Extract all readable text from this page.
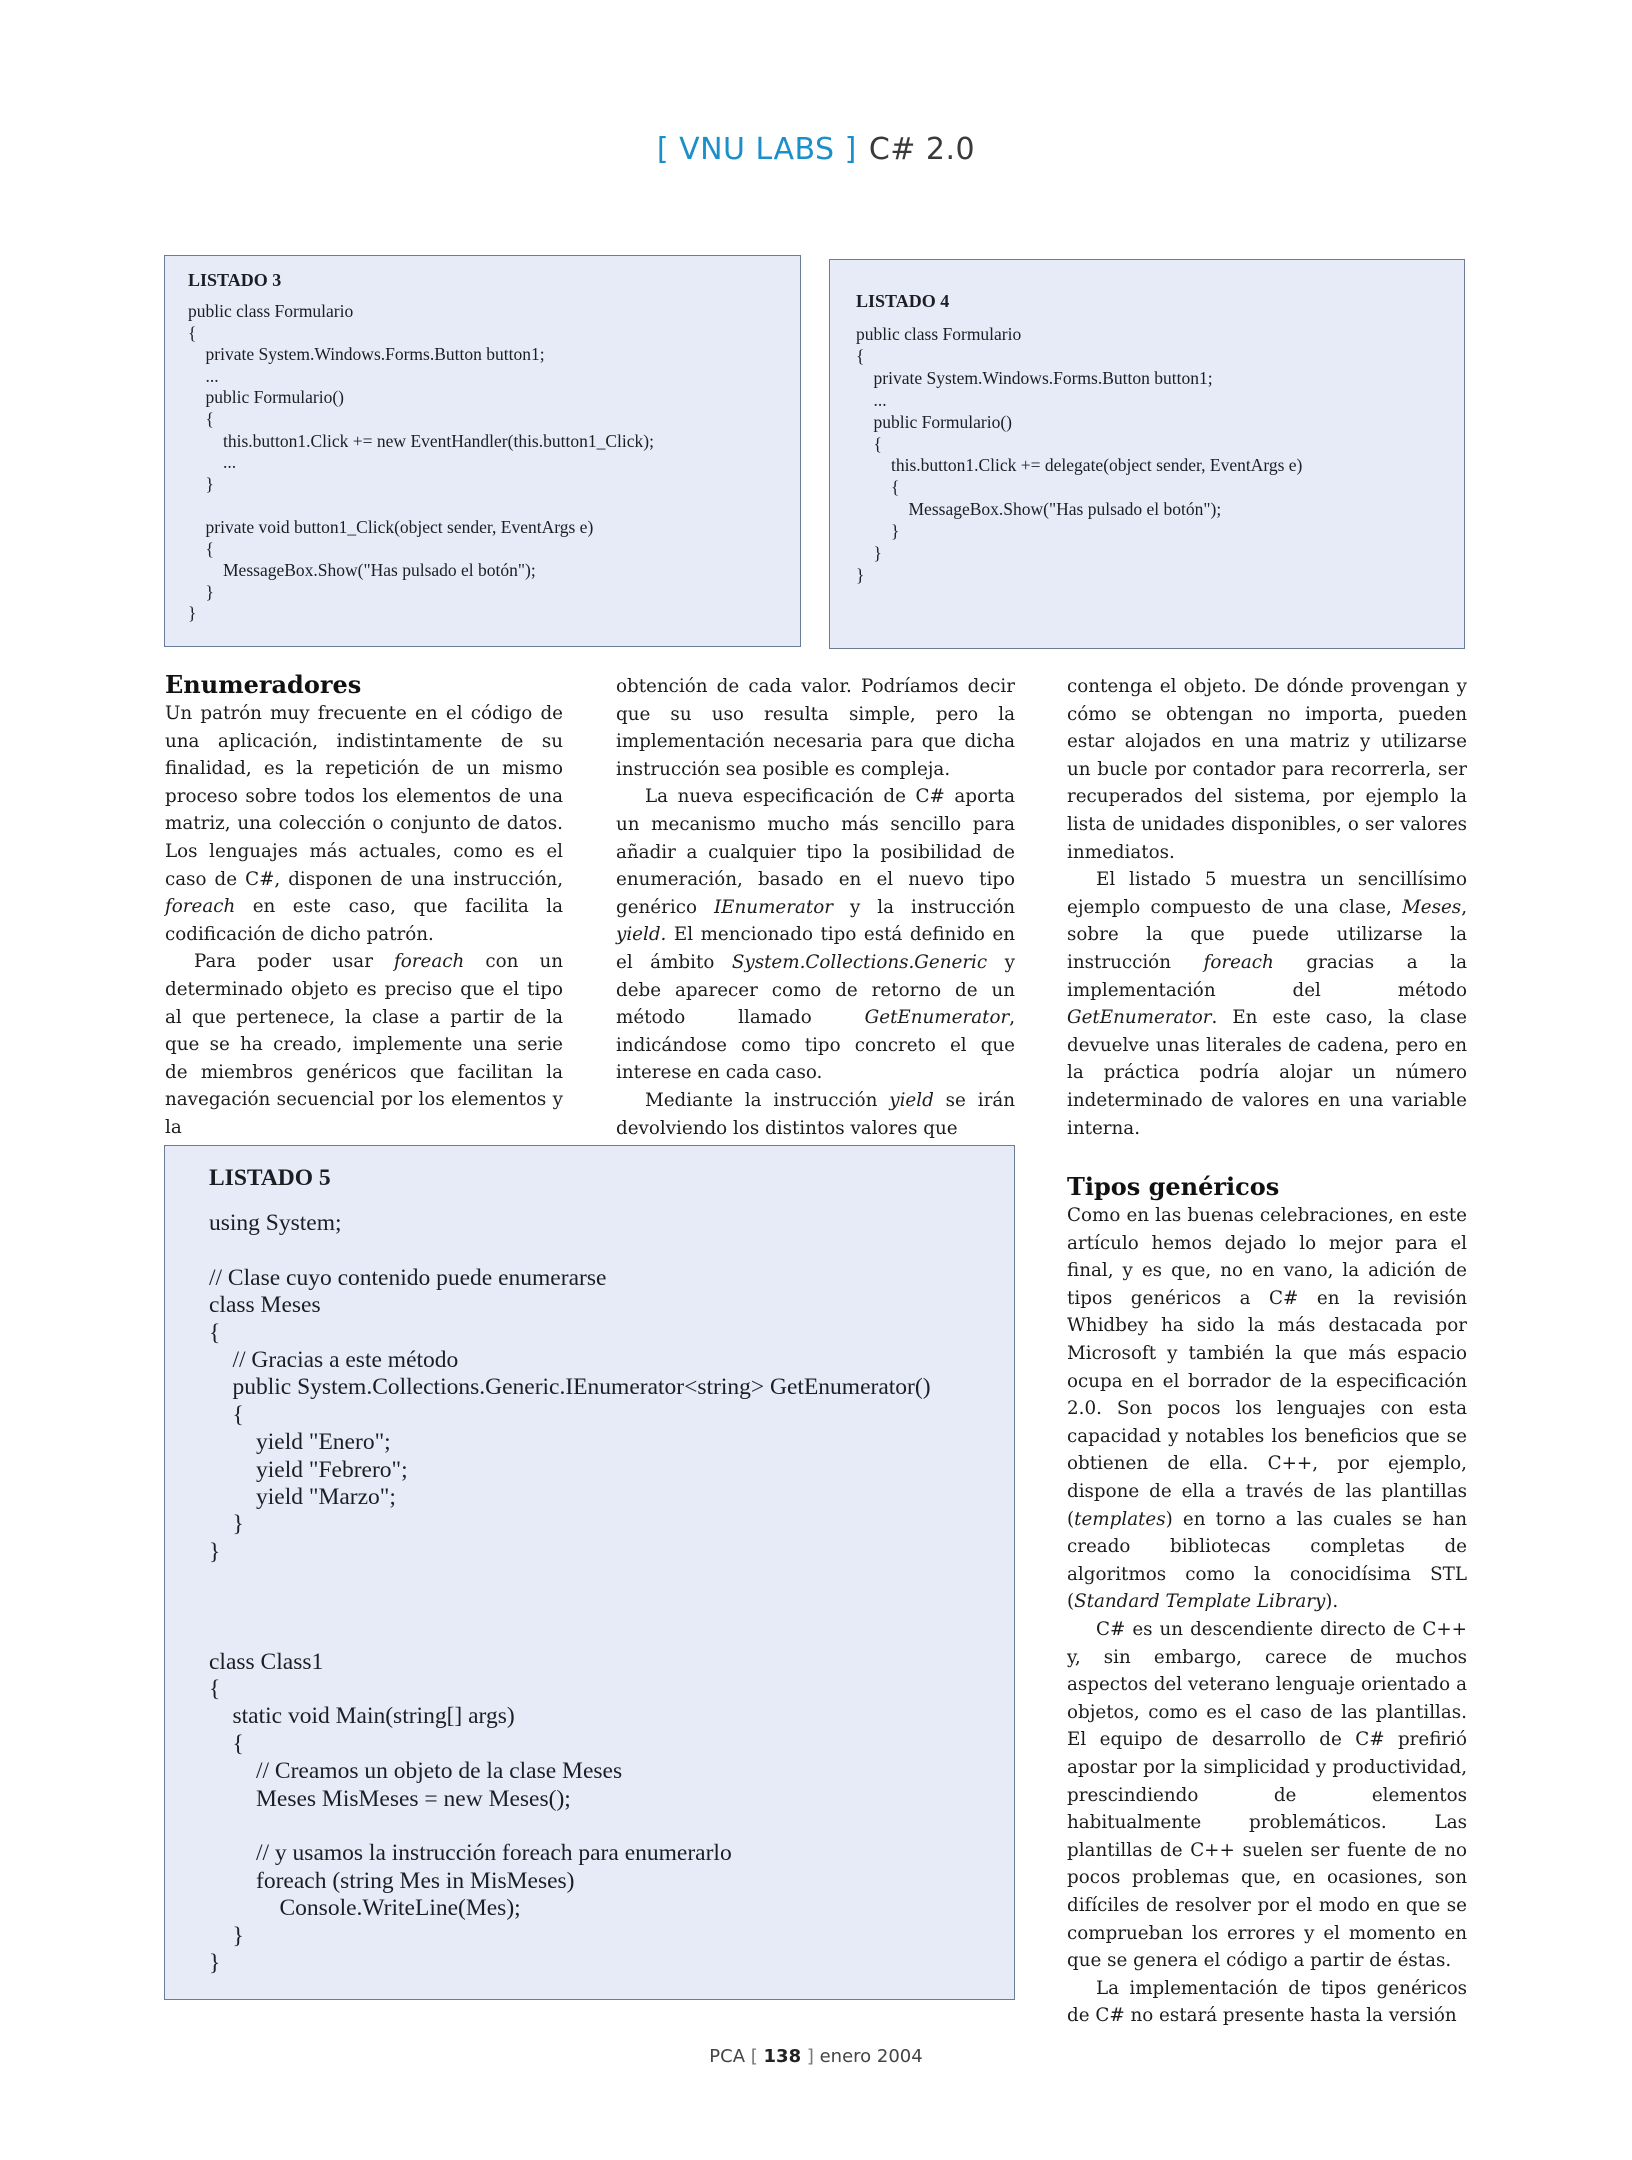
[ VNU LABS ] C# 2.0
LISTADO 3
public class Formulario
{
	private System.Windows.Forms.Button button1;
	...
	public Formulario()
	{
		this.button1.Click += new EventHandler(this.button1_Click);
		...
	}

	private void button1_Click(object sender, EventArgs e)
	{
		MessageBox.Show("Has pulsado el botón");
	}
}
LISTADO 4
public class Formulario
{
	private System.Windows.Forms.Button button1;
	...
	public Formulario()
	{
		this.button1.Click += delegate(object sender, EventArgs e)
		{
			MessageBox.Show("Has pulsado el botón");
		}
	}
}
Enumeradores

Un patrón muy frecuente en el código de una aplicación, indistintamente de su finalidad, es la repetición de un mismo proceso sobre todos los elementos de una matriz, una colección o conjunto de datos. Los lenguajes más actuales, como es el caso de C#, disponen de una instrucción, foreach en este caso, que facilita la codificación de dicho patrón.

Para poder usar foreach con un determinado objeto es preciso que el tipo al que pertenece, la clase a partir de la que se ha creado, implemente una serie de miembros genéricos que facilitan la navegación secuencial por los elementos y la

obtención de cada valor. Podríamos decir que su uso resulta simple, pero la implementación necesaria para que dicha instrucción sea posible es compleja.

La nueva especificación de C# aporta un mecanismo mucho más sencillo para añadir a cualquier tipo la posibilidad de enumeración, basado en el nuevo tipo genérico IEnumerator y la instrucción yield. El mencionado tipo está definido en el ámbito System.Collections.Generic y debe aparecer como de retorno de un método llamado GetEnumerator, indicándose como tipo concreto el que interese en cada caso.

Mediante la instrucción yield se irán devolviendo los distintos valores que

contenga el objeto. De dónde provengan y cómo se obtengan no importa, pueden estar alojados en una matriz y utilizarse un bucle por contador para recorrerla, ser recuperados del sistema, por ejemplo la lista de unidades disponibles, o ser valores inmediatos.

El listado 5 muestra un sencillísimo ejemplo compuesto de una clase, Meses, sobre la que puede utilizarse la instrucción foreach gracias a la implementación del método GetEnumerator. En este caso, la clase devuelve unas literales de cadena, pero en la práctica podría alojar un número indeterminado de valores en una variable interna.

Tipos genéricos

Como en las buenas celebraciones, en este artículo hemos dejado lo mejor para el final, y es que, no en vano, la adición de tipos genéricos a C# en la revisión Whidbey ha sido la más destacada por Microsoft y también la que más espacio ocupa en el borrador de la especificación 2.0. Son pocos los lenguajes con esta capacidad y notables los beneficios que se obtienen de ella. C++, por ejemplo, dispone de ella a través de las plantillas (templates) en torno a las cuales se han creado bibliotecas completas de algoritmos como la conocidísima STL (Standard Template Library).

C# es un descendiente directo de C++ y, sin embargo, carece de muchos aspectos del veterano lenguaje orientado a objetos, como es el caso de las plantillas. El equipo de desarrollo de C# prefirió apostar por la simplicidad y productividad, prescindiendo de elementos habitualmente problemáticos. Las plantillas de C++ suelen ser fuente de no pocos problemas que, en ocasiones, son difíciles de resolver por el modo en que se comprueban los errores y el momento en que se genera el código a partir de éstas.

La implementación de tipos genéricos de C# no estará presente hasta la versión

LISTADO 5
using System;

// Clase cuyo contenido puede enumerarse
class Meses
{
	// Gracias a este método
	public System.Collections.Generic.IEnumerator<string> GetEnumerator()
	{
		yield "Enero";
		yield "Febrero";
		yield "Marzo";
	}
}

class Class1
{
	static void Main(string[] args)
	{
		// Creamos un objeto de la clase Meses
		Meses MisMeses = new Meses();

		// y usamos la instrucción foreach para enumerarlo
		foreach (string Mes in MisMeses)
			Console.WriteLine(Mes);
	}
}
PCA [ 138 ] enero 2004
